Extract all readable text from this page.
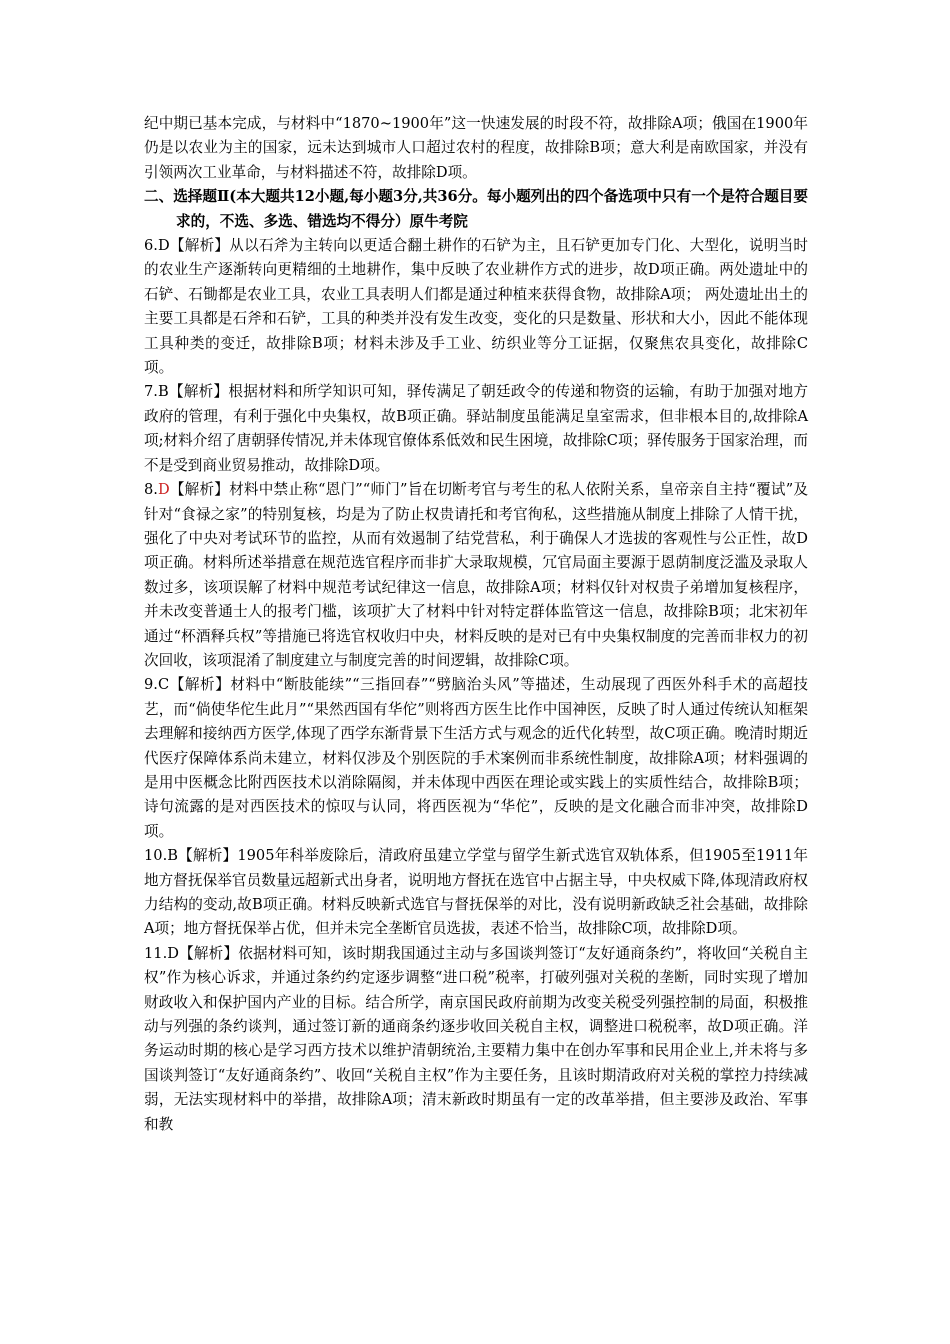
纪中期已基本完成，与材料中“1870~1900年”这一快速发展的时段不符，故排除A项；俄国在1900年仍是以农业为主的国家，远未达到城市人口超过农村的程度，故排除B项；意大利是南欧国家，并没有引领两次工业革命，与材料描述不符，故排除D项。

二、选择题Ⅱ(本大题共12小题,每小题3分,共36分。每小题列出的四个备选项中只有一个是符合题目要求的，不选、多选、错选均不得分）原牛考院

6.D【解析】从以石斧为主转向以更适合翻土耕作的石铲为主，且石铲更加专门化、大型化，说明当时的农业生产逐渐转向更精细的土地耕作，集中反映了农业耕作方式的进步，故D项正确。两处遗址中的石铲、石锄都是农业工具，农业工具表明人们都是通过种植来获得食物，故排除A项； 两处遗址出土的主要工具都是石斧和石铲，工具的种类并没有发生改变，变化的只是数量、形状和大小，因此不能体现工具种类的变迁，故排除B项；材料未涉及手工业、纺织业等分工证据，仅聚焦农具变化，故排除C项。

7.B【解析】根据材料和所学知识可知，驿传满足了朝廷政令的传递和物资的运输，有助于加强对地方政府的管理，有利于强化中央集权，故B项正确。驿站制度虽能满足皇室需求，但非根本目的,故排除A项;材料介绍了唐朝驿传情况,并未体现官僚体系低效和民生困境，故排除C项；驿传服务于国家治理，而不是受到商业贸易推动，故排除D项。

8.D【解析】材料中禁止称“恩门”“师门”旨在切断考官与考生的私人依附关系，皇帝亲自主持“覆试”及针对“食禄之家”的特别复核，均是为了防止权贵请托和考官徇私，这些措施从制度上排除了人情干扰，强化了中央对考试环节的监控，从而有效遏制了结党营私，利于确保人才选拔的客观性与公正性，故D项正确。材料所述举措意在规范选官程序而非扩大录取规模，冗官局面主要源于恩荫制度泛滥及录取人数过多，该项误解了材料中规范考试纪律这一信息，故排除A项；材料仅针对权贵子弟增加复核程序，并未改变普通士人的报考门槛，该项扩大了材料中针对特定群体监管这一信息，故排除B项；北宋初年通过“杯酒释兵权”等措施已将选官权收归中央，材料反映的是对已有中央集权制度的完善而非权力的初次回收，该项混淆了制度建立与制度完善的时间逻辑，故排除C项。

9.C【解析】材料中“断肢能续”“三指回春”“劈脑治头风”等描述，生动展现了西医外科手术的高超技艺，而“倘使华佗生此月”“果然西国有华佗”则将西方医生比作中国神医，反映了时人通过传统认知框架去理解和接纳西方医学,体现了西学东渐背景下生活方式与观念的近代化转型，故C项正确。晚清时期近代医疗保障体系尚未建立，材料仅涉及个别医院的手术案例而非系统性制度，故排除A项；材料强调的是用中医概念比附西医技术以消除隔阂，并未体现中西医在理论或实践上的实质性结合，故排除B项；诗句流露的是对西医技术的惊叹与认同，将西医视为“华佗”，反映的是文化融合而非冲突，故排除D项。

10.B【解析】1905年科举废除后，清政府虽建立学堂与留学生新式选官双轨体系，但1905至1911年地方督抚保举官员数量远超新式出身者，说明地方督抚在选官中占据主导，中央权威下降,体现清政府权力结构的变动,故B项正确。材料反映新式选官与督抚保举的对比，没有说明新政缺乏社会基础，故排除A项；地方督抚保举占优，但并未完全垄断官员选拔，表述不恰当，故排除C项，故排除D项。

11.D【解析】依据材料可知，该时期我国通过主动与多国谈判签订“友好通商条约”，将收回“关税自主权”作为核心诉求，并通过条约约定逐步调整“进口税”税率，打破列强对关税的垄断，同时实现了增加财政收入和保护国内产业的目标。结合所学，南京国民政府前期为改变关税受列强控制的局面，积极推动与列强的条约谈判，通过签订新的通商条约逐步收回关税自主权，调整进口税税率，故D项正确。洋务运动时期的核心是学习西方技术以维护清朝统治,主要精力集中在创办军事和民用企业上,并未将与多国谈判签订“友好通商条约”、收回“关税自主权”作为主要任务，且该时期清政府对关税的掌控力持续减弱，无法实现材料中的举措，故排除A项；清末新政时期虽有一定的改革举措，但主要涉及政治、军事和教
